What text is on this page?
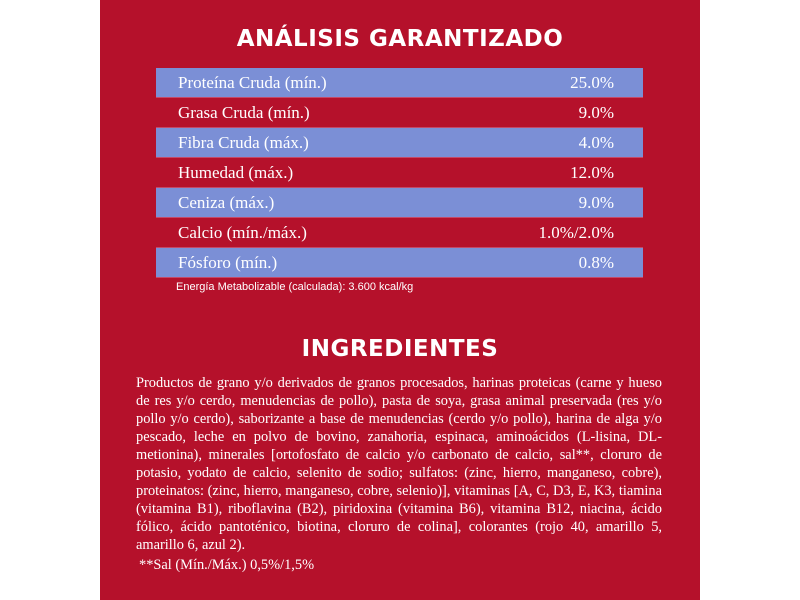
ANÁLISIS GARANTIZADO
Proteína Cruda (mín.)	25.0%
Grasa Cruda (mín.)	9.0%
Fibra Cruda (máx.)	4.0%
Humedad (máx.)	12.0%
Ceniza (máx.)	9.0%
Calcio (mín./máx.)	1.0%/2.0%
Fósforo (mín.)	0.8%
Energía Metabolizable (calculada): 3.600 kcal/kg
INGREDIENTES

Productos de grano y/o derivados de granos procesados, harinas proteicas (carne y hueso de res y/o cerdo, menudencias de pollo), pasta de soya, grasa animal preservada (res y/o pollo y/o cerdo), saborizante a base de menudencias (cerdo y/o pollo), harina de alga y/o pescado, leche en polvo de bovino, zanahoria, espinaca, aminoácidos (L-lisina, DL-metionina), minerales [ortofosfato de calcio y/o carbonato de calcio, sal**, cloruro de potasio, yodato de calcio, selenito de sodio; sulfatos: (zinc, hierro, manganeso, cobre), proteinatos: (zinc, hierro, manganeso, cobre, selenio)], vitaminas [A, C, D3, E, K3, tiamina (vitamina B1), riboflavina (B2), piridoxina (vitamina B6), vitamina B12, niacina, ácido fólico, ácido pantoténico, biotina, cloruro de colina], colorantes (rojo 40, amarillo 5, amarillo 6, azul 2).

**Sal (Mín./Máx.) 0,5%/1,5%
